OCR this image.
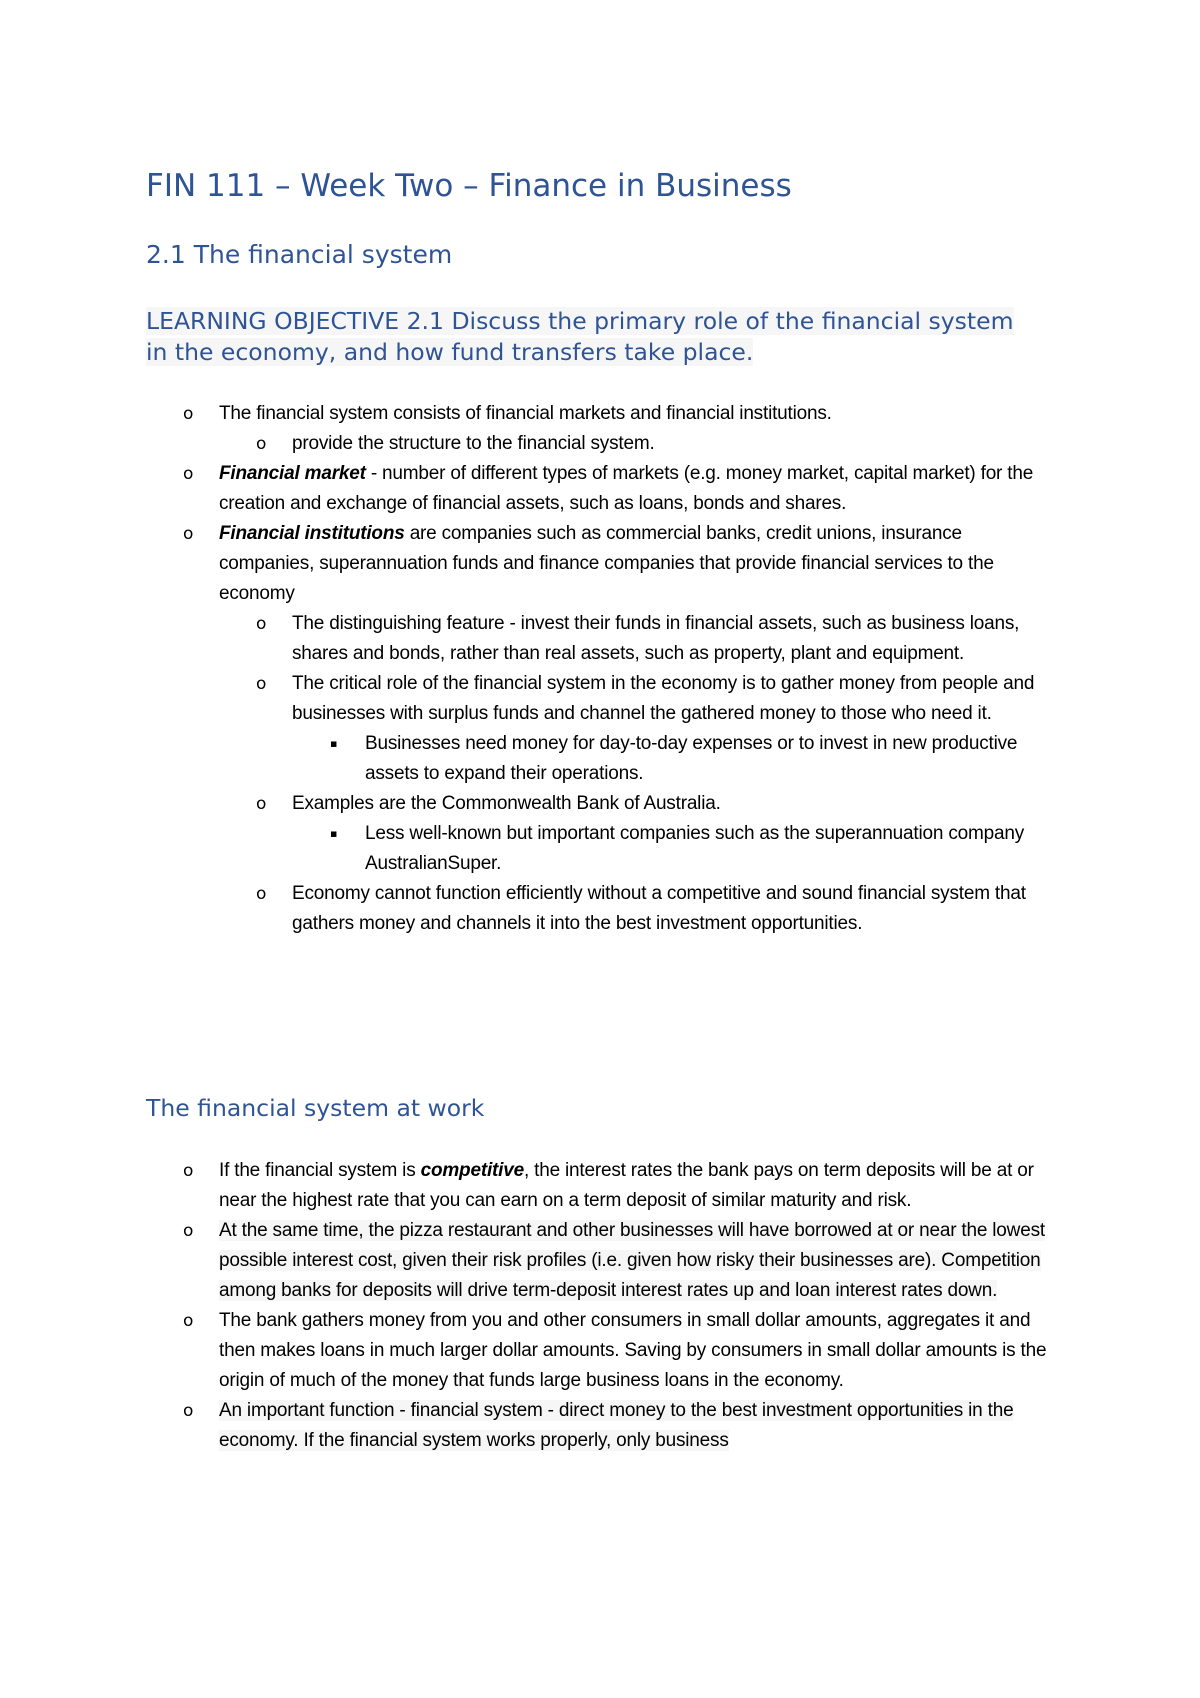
FIN 111 – Week Two – Finance in Business
2.1 The financial system

LEARNING OBJECTIVE 2.1 Discuss the primary role of the financial system in the economy, and how fund transfers take place.

o The financial system consists of financial markets and financial institutions.
o provide the structure to the financial system.
o Financial market - number of different types of markets (e.g. money market, capital market) for the creation and exchange of financial assets, such as loans, bonds and shares.
o Financial institutions are companies such as commercial banks, credit unions, insurance companies, superannuation funds and finance companies that provide financial services to the economy
o The distinguishing feature - invest their funds in financial assets, such as business loans, shares and bonds, rather than real assets, such as property, plant and equipment.
o The critical role of the financial system in the economy is to gather money from people and businesses with surplus funds and channel the gathered money to those who need it.
▪ Businesses need money for day-to-day expenses or to invest in new productive assets to expand their operations.
o Examples are the Commonwealth Bank of Australia.
▪ Less well-known but important companies such as the superannuation company AustralianSuper.
o Economy cannot function efficiently without a competitive and sound financial system that gathers money and channels it into the best investment opportunities.
The financial system at work
o If the financial system is competitive, the interest rates the bank pays on term deposits will be at or near the highest rate that you can earn on a term deposit of similar maturity and risk.
o At the same time, the pizza restaurant and other businesses will have borrowed at or near the lowest possible interest cost, given their risk profiles (i.e. given how risky their businesses are). Competition among banks for deposits will drive term-deposit interest rates up and loan interest rates down.
o The bank gathers money from you and other consumers in small dollar amounts, aggregates it and then makes loans in much larger dollar amounts. Saving by consumers in small dollar amounts is the origin of much of the money that funds large business loans in the economy.
o An important function - financial system - direct money to the best investment opportunities in the economy. If the financial system works properly, only business
